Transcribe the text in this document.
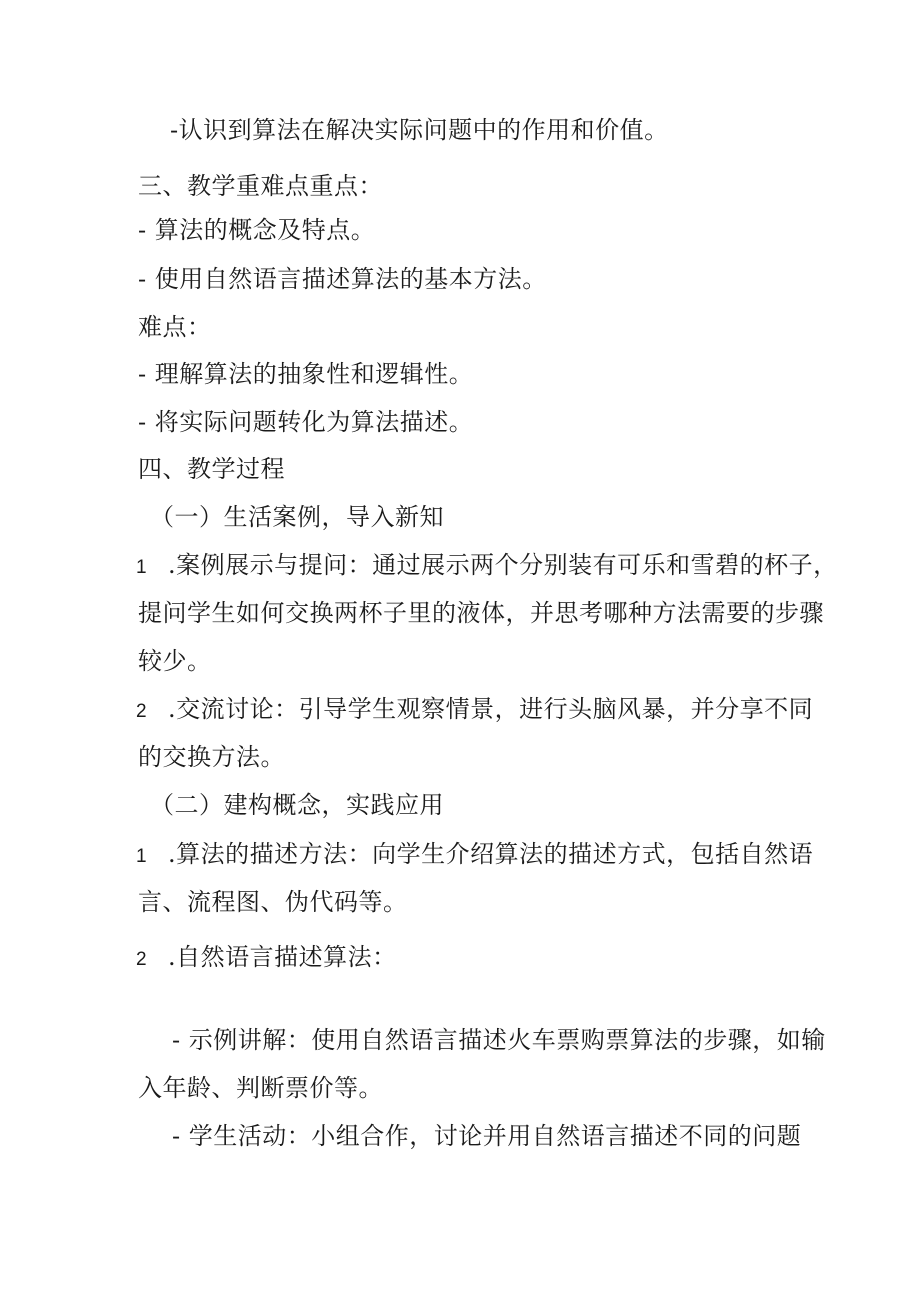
-认识到算法在解决实际问题中的作用和价值。
三、教学重难点重点：
- 算法的概念及特点。
- 使用自然语言描述算法的基本方法。
难点：
- 理解算法的抽象性和逻辑性。
- 将实际问题转化为算法描述。
四、教学过程
（一）生活案例，导入新知
1 .案例展示与提问：通过展示两个分别装有可乐和雪碧的杯子，
提问学生如何交换两杯子里的液体，并思考哪种方法需要的步骤
较少。
2 .交流讨论：引导学生观察情景，进行头脑风暴，并分享不同
的交换方法。
（二）建构概念，实践应用
1 .算法的描述方法：向学生介绍算法的描述方式，包括自然语
言、流程图、伪代码等。
2 .自然语言描述算法：
- 示例讲解：使用自然语言描述火车票购票算法的步骤，如输
入年龄、判断票价等。
- 学生活动：小组合作，讨论并用自然语言描述不同的问题
